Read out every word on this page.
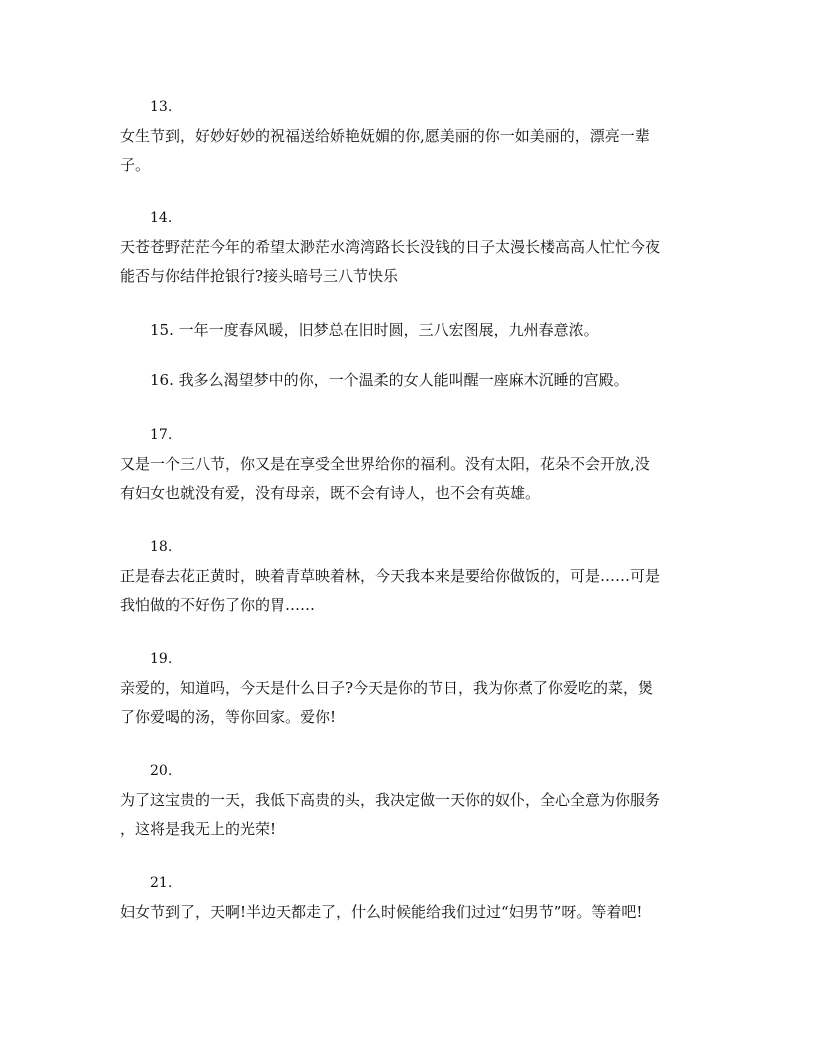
13.
女生节到，好妙好妙的祝福送给娇艳妩媚的你,愿美丽的你一如美丽的，漂亮一辈
子。
14.
天苍苍野茫茫今年的希望太渺茫水湾湾路长长没钱的日子太漫长楼高高人忙忙今夜
能否与你结伴抢银行?接头暗号三八节快乐
15. 一年一度春风暖，旧梦总在旧时圆，三八宏图展，九州春意浓。
16. 我多么渴望梦中的你，一个温柔的女人能叫醒一座麻木沉睡的宫殿。
17.
又是一个三八节，你又是在享受全世界给你的福利。没有太阳，花朵不会开放,没
有妇女也就没有爱，没有母亲，既不会有诗人，也不会有英雄。
18.
正是春去花正黄时，映着青草映着林，今天我本来是要给你做饭的，可是……可是
我怕做的不好伤了你的胃……
19.
亲爱的，知道吗，今天是什么日子?今天是你的节日，我为你煮了你爱吃的菜，煲
了你爱喝的汤，等你回家。爱你!
20.
为了这宝贵的一天，我低下高贵的头，我决定做一天你的奴仆，全心全意为你服务
，这将是我无上的光荣!
21.
妇女节到了，天啊!半边天都走了，什么时候能给我们过过“妇男节”呀。等着吧!
